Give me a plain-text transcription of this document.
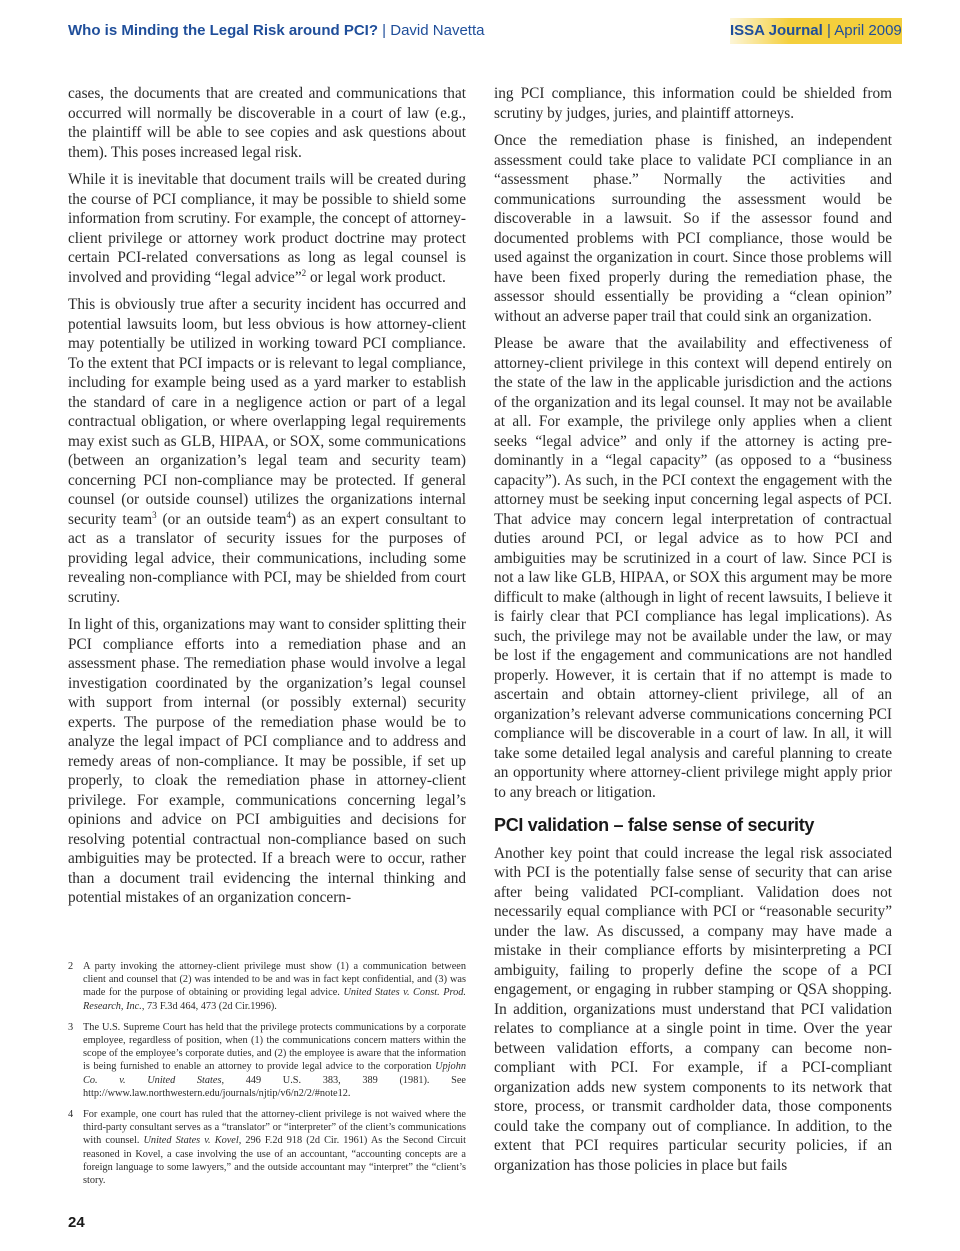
Who is Minding the Legal Risk around PCI? | David Navetta	ISSA Journal | April 2009

cases, the documents that are created and communications that occurred will normally be discoverable in a court of law (e.g., the plaintiff will be able to see copies and ask questions about them). This poses increased legal risk.

While it is inevitable that document trails will be created during the course of PCI compliance, it may be possible to shield some information from scrutiny. For example, the concept of attorney-client privilege or attorney work product doctrine may protect certain PCI-related conversations as long as legal counsel is involved and providing “legal advice”$^2$ or legal work product.

This is obviously true after a security incident has occurred and potential lawsuits loom, but less obvious is how attorney-client may potentially be utilized in working toward PCI compliance. To the extent that PCI impacts or is relevant to legal compliance, including for example being used as a yard marker to establish the standard of care in a negligence action or part of a legal contractual obligation, or where overlapping legal requirements may exist such as GLB, HIPAA, or SOX, some communications (between an organization’s legal team and security team) concerning PCI non-compliance may be protected. If general counsel (or outside counsel) utilizes the organizations internal security team$^3$ (or an outside team$^4$) as an expert consultant to act as a translator of security issues for the purposes of providing legal advice, their communications, including some revealing non-compliance with PCI, may be shielded from court scrutiny.

In light of this, organizations may want to consider splitting their PCI compliance efforts into a remediation phase and an assessment phase. The remediation phase would involve a legal investigation coordinated by the organization’s legal counsel with support from internal (or possibly external) security experts. The purpose of the remediation phase would be to analyze the legal impact of PCI compliance and to address and remedy areas of non-compliance. It may be possible, if set up properly, to cloak the remediation phase in attorney-client privilege. For example, communications concerning legal’s opinions and advice on PCI ambiguities and decisions for resolving potential contractual non-compliance based on such ambiguities may be protected. If a breach were to occur, rather than a document trail evidencing the internal thinking and potential mistakes of an organization concern-

2 A party invoking the attorney-client privilege must show (1) a communication between client and counsel that (2) was intended to be and was in fact kept confidential, and (3) was made for the purpose of obtaining or providing legal advice. United States v. Const. Prod. Research, Inc., 73 F.3d 464, 473 (2d Cir.1996).
3 The U.S. Supreme Court has held that the privilege protects communications by a corporate employee, regardless of position, when (1) the communications concern matters within the scope of the employee’s corporate duties, and (2) the employee is aware that the information is being furnished to enable an attorney to provide legal advice to the corporation Upjohn Co. v. United States, 449 U.S. 383, 389 (1981). See http://www.law.northwestern.edu/journals/njtip/v6/n2/2/#note12.
4 For example, one court has ruled that the attorney-client privilege is not waived where the third-party consultant serves as a “translator” or “interpreter” of the client’s communications with counsel. United States v. Kovel, 296 F.2d 918 (2d Cir. 1961) As the Second Circuit reasoned in Kovel, a case involving the use of an accountant, “accounting concepts are a foreign language to some lawyers,” and the outside accountant may “interpret” the “client’s story.

ing PCI compliance, this information could be shielded from scrutiny by judges, juries, and plaintiff attorneys.

Once the remediation phase is finished, an independent assessment could take place to validate PCI compliance in an “assessment phase.” Normally the activities and communications surrounding the assessment would be discoverable in a lawsuit. So if the assessor found and documented problems with PCI compliance, those would be used against the organization in court. Since those problems will have been fixed properly during the remediation phase, the assessor should essentially be providing a “clean opinion” without an adverse paper trail that could sink an organization.

Please be aware that the availability and effectiveness of attorney-client privilege in this context will depend entirely on the state of the law in the applicable jurisdiction and the actions of the organization and its legal counsel. It may not be available at all. For example, the privilege only applies when a client seeks “legal advice” and only if the attorney is acting pre-dominantly in a “legal capacity” (as opposed to a “business capacity”). As such, in the PCI context the engagement with the attorney must be seeking input concerning legal aspects of PCI. That advice may concern legal interpretation of contractual duties around PCI, or legal advice as to how PCI and ambiguities may be scrutinized in a court of law. Since PCI is not a law like GLB, HIPAA, or SOX this argument may be more difficult to make (although in light of recent lawsuits, I believe it is fairly clear that PCI compliance has legal implications). As such, the privilege may not be available under the law, or may be lost if the engagement and communications are not handled properly. However, it is certain that if no attempt is made to ascertain and obtain attorney-client privilege, all of an organization’s relevant adverse communications concerning PCI compliance will be discoverable in a court of law. In all, it will take some detailed legal analysis and careful planning to create an opportunity where attorney-client privilege might apply prior to any breach or litigation.

PCI validation – false sense of security

Another key point that could increase the legal risk associated with PCI is the potentially false sense of security that can arise after being validated PCI-compliant. Validation does not necessarily equal compliance with PCI or “reasonable security” under the law. As discussed, a company may have made a mistake in their compliance efforts by misinterpreting a PCI ambiguity, failing to properly define the scope of a PCI engagement, or engaging in rubber stamping or QSA shopping. In addition, organizations must understand that PCI validation relates to compliance at a single point in time. Over the year between validation efforts, a company can become non-compliant with PCI. For example, if a PCI-compliant organization adds new system components to its network that store, process, or transmit cardholder data, those components could take the company out of compliance. In addition, to the extent that PCI requires particular security policies, if an organization has those policies in place but fails

24
